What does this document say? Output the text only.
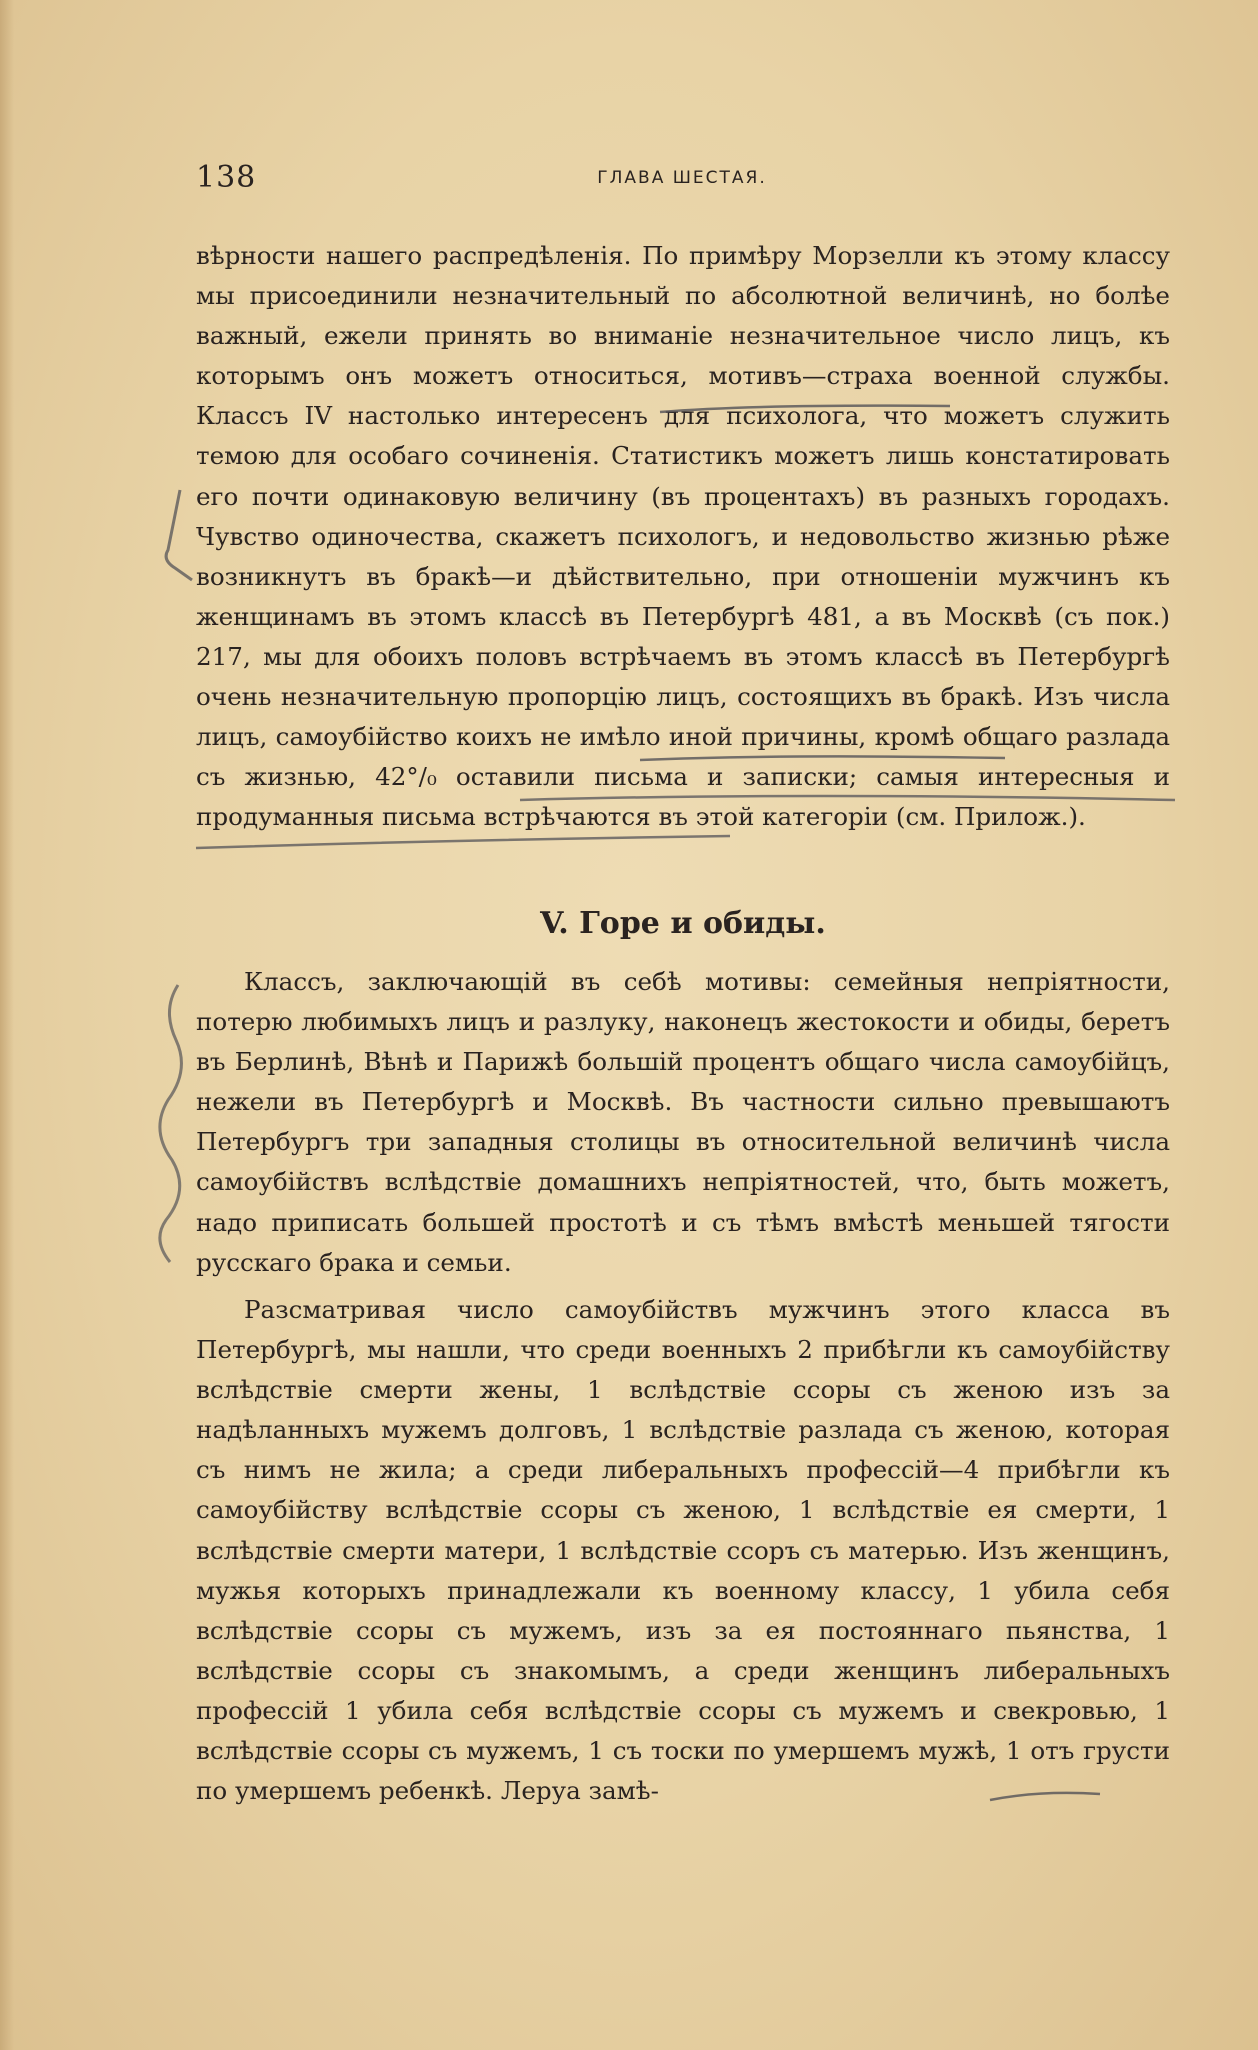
138	ГЛАВА ШЕСТАЯ.

вѣрности нашего распредѣленія. По примѣру Морзелли къ этому классу мы присоединили незначительный по абсолютной величинѣ, но болѣе важный, ежели принять во вниманіе незначительное число лицъ, къ которымъ онъ можетъ относиться, мотивъ—страха военной службы. Классъ IV настолько интересенъ для психолога, что можетъ служить темою для особаго сочиненія. Статистикъ можетъ лишь констатировать его почти одинаковую величину (въ процентахъ) въ разныхъ городахъ. Чувство одиночества, скажетъ психологъ, и недовольство жизнью рѣже возникнутъ въ бракѣ—и дѣйствительно, при отношеніи мужчинъ къ женщинамъ въ этомъ классѣ въ Петербургѣ 481, а въ Москвѣ (съ пок.) 217, мы для обоихъ половъ встрѣчаемъ въ этомъ классѣ въ Петербургѣ очень незначительную пропорцію лицъ, состоящихъ въ бракѣ. Изъ числа лицъ, самоубійство коихъ не имѣло иной причины, кромѣ общаго разлада съ жизнью, 42°/₀ оставили письма и записки; самыя интересныя и продуманныя письма встрѣчаются въ этой категоріи (см. Прилож.).

V. Горе и обиды.

Классъ, заключающій въ себѣ мотивы: семейныя непріятности, потерю любимыхъ лицъ и разлуку, наконецъ жестокости и обиды, беретъ въ Берлинѣ, Вѣнѣ и Парижѣ большій процентъ общаго числа самоубійцъ, нежели въ Петербургѣ и Москвѣ. Въ частности сильно превышаютъ Петербургъ три западныя столицы въ относительной величинѣ числа самоубійствъ вслѣдствіе домашнихъ непріятностей, что, быть можетъ, надо приписать большей простотѣ и съ тѣмъ вмѣстѣ меньшей тягости русскаго брака и семьи.

Разсматривая число самоубійствъ мужчинъ этого класса въ Петербургѣ, мы нашли, что среди военныхъ 2 прибѣгли къ самоубійству вслѣдствіе смерти жены, 1 вслѣдствіе ссоры съ женою изъ за надѣланныхъ мужемъ долговъ, 1 вслѣдствіе разлада съ женою, которая съ нимъ не жила; а среди либеральныхъ профессій—4 прибѣгли къ самоубійству вслѣдствіе ссоры съ женою, 1 вслѣдствіе ея смерти, 1 вслѣдствіе смерти матери, 1 вслѣдствіе ссоръ съ матерью. Изъ женщинъ, мужья которыхъ принадлежали къ военному классу, 1 убила себя вслѣдствіе ссоры съ мужемъ, изъ за ея постояннаго пьянства, 1 вслѣдствіе ссоры съ знакомымъ, а среди женщинъ либеральныхъ профессій 1 убила себя вслѣдствіе ссоры съ мужемъ и свекровью, 1 вслѣдствіе ссоры съ мужемъ, 1 съ тоски по умершемъ мужѣ, 1 отъ грусти по умершемъ ребенкѣ. Леруа замѣ-
